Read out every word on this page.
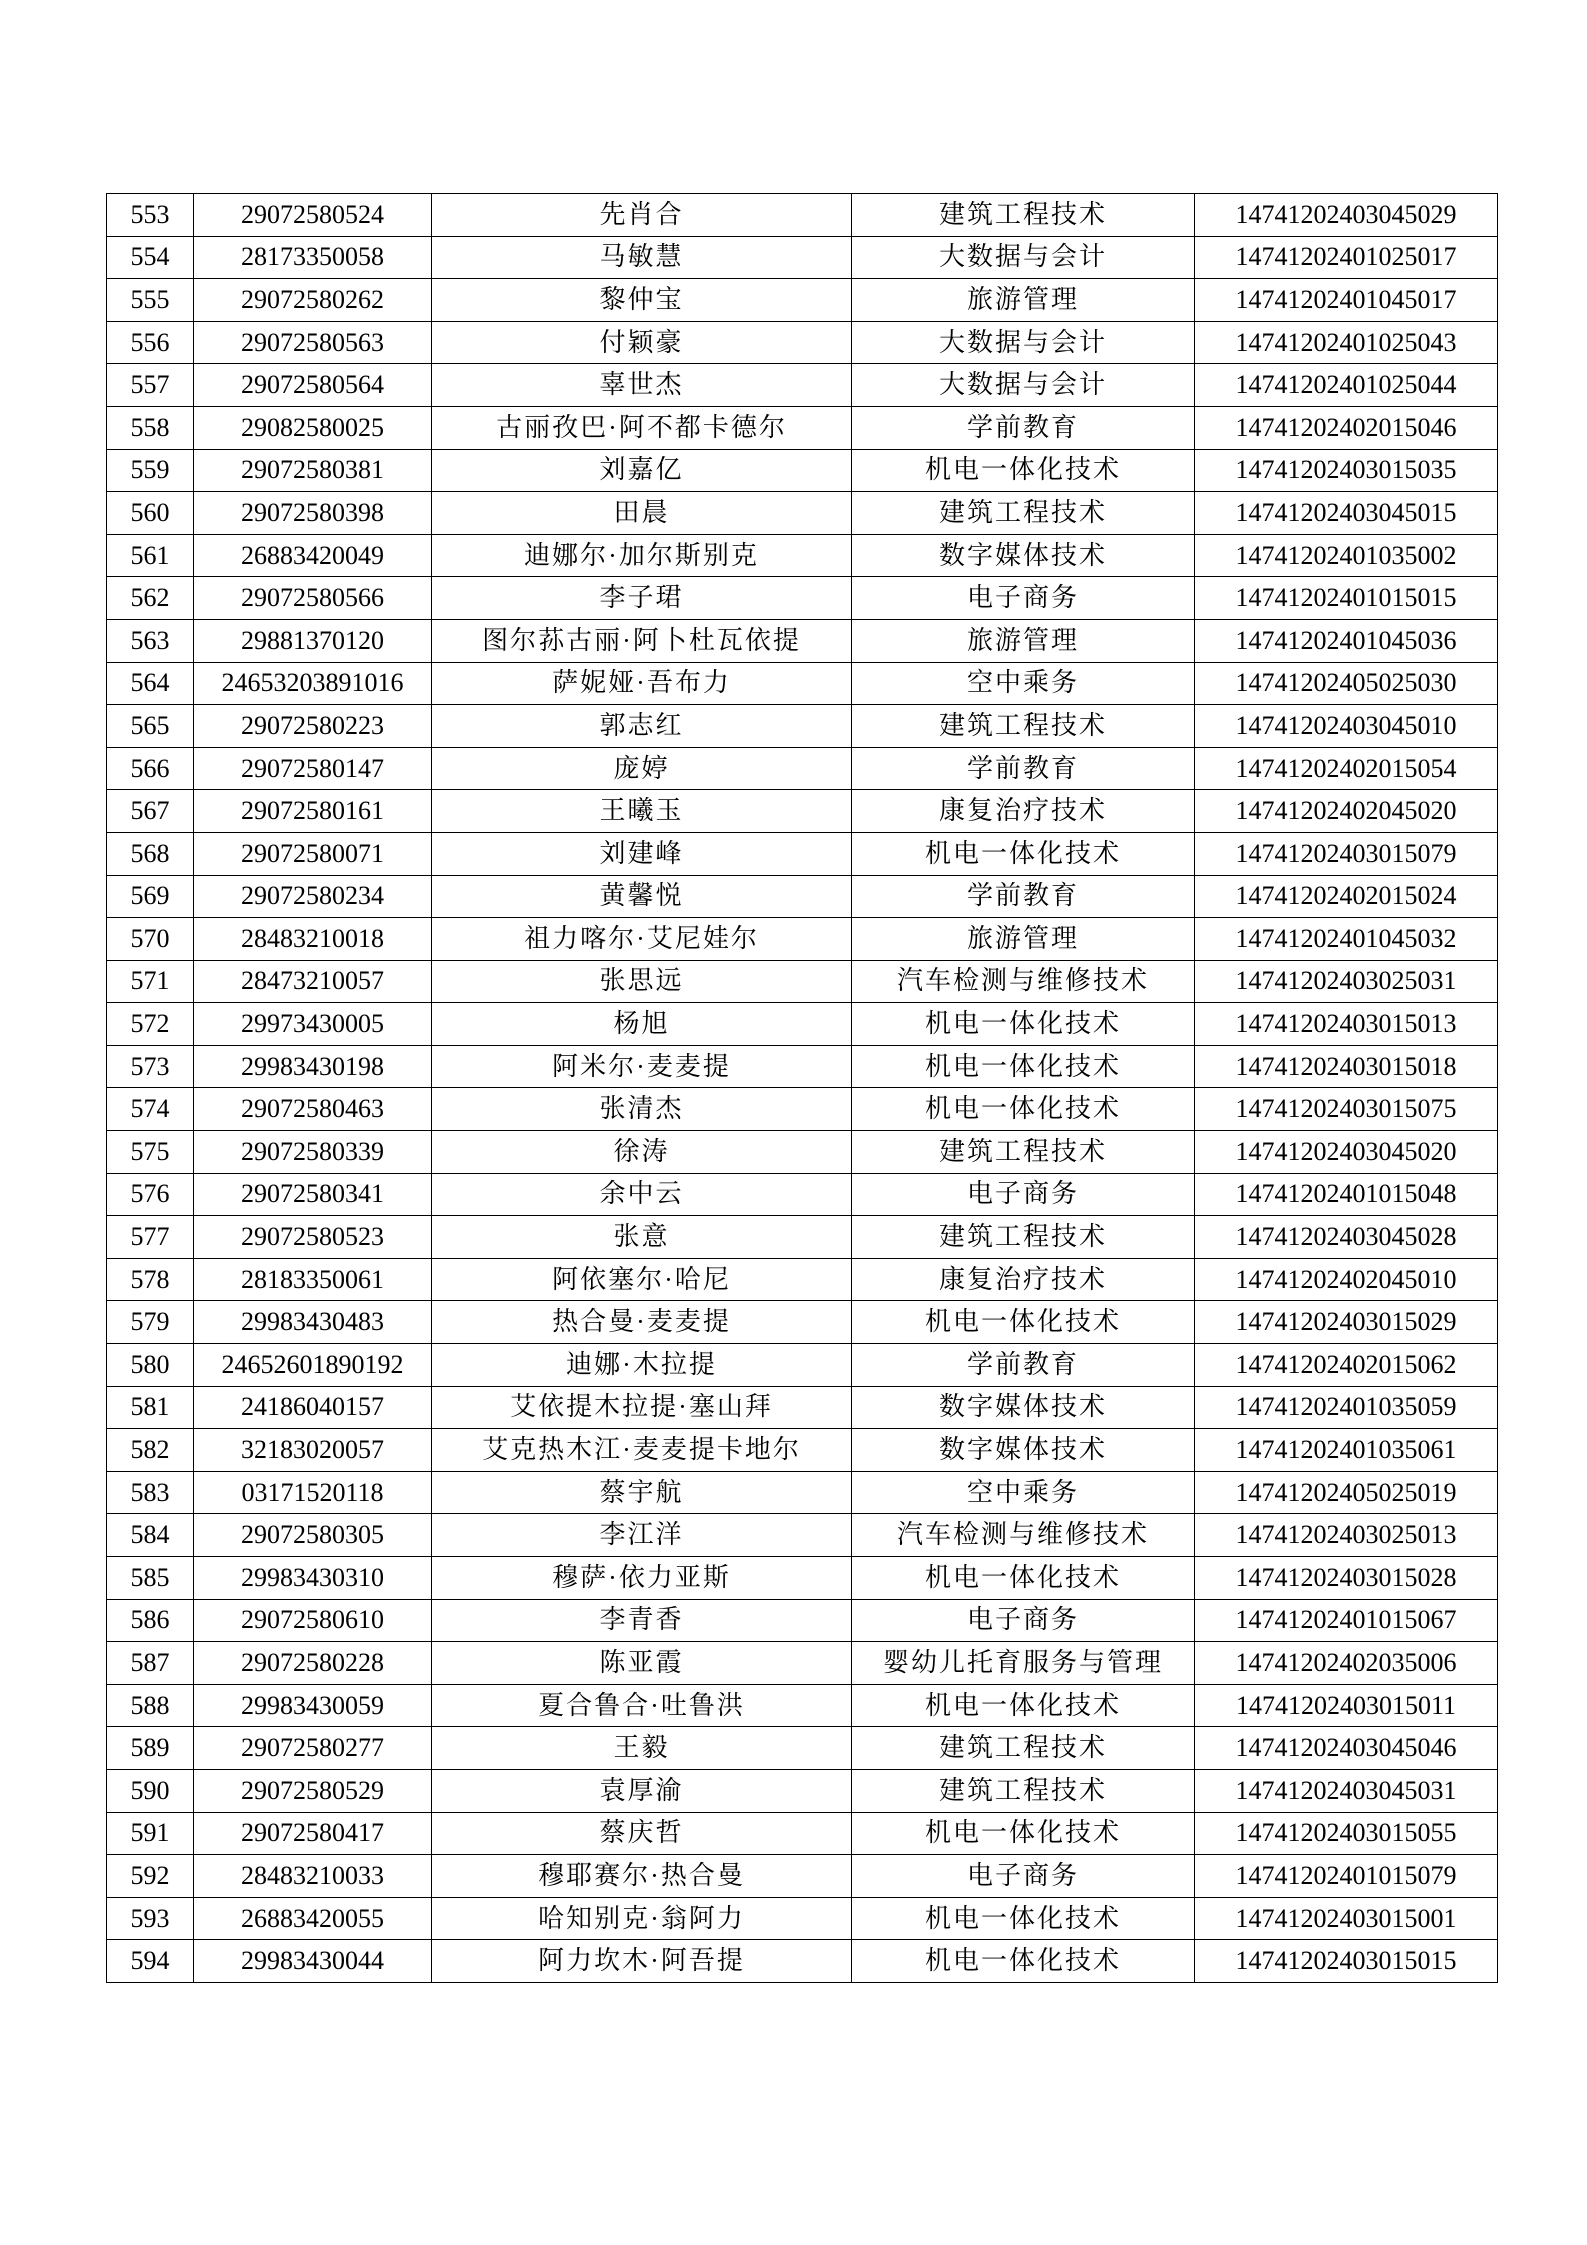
553	29072580524	先肖合	建筑工程技术	14741202403045029
554	28173350058	马敏慧	大数据与会计	14741202401025017
555	29072580262	黎仲宝	旅游管理	14741202401045017
556	29072580563	付颖豪	大数据与会计	14741202401025043
557	29072580564	辜世杰	大数据与会计	14741202401025044
558	29082580025	古丽孜巴·阿不都卡德尔	学前教育	14741202402015046
559	29072580381	刘嘉亿	机电一体化技术	14741202403015035
560	29072580398	田晨	建筑工程技术	14741202403045015
561	26883420049	迪娜尔·加尔斯别克	数字媒体技术	14741202401035002
562	29072580566	李子珺	电子商务	14741202401015015
563	29881370120	图尔荪古丽·阿卜杜瓦依提	旅游管理	14741202401045036
564	24653203891016	萨妮娅·吾布力	空中乘务	14741202405025030
565	29072580223	郭志红	建筑工程技术	14741202403045010
566	29072580147	庞婷	学前教育	14741202402015054
567	29072580161	王曦玉	康复治疗技术	14741202402045020
568	29072580071	刘建峰	机电一体化技术	14741202403015079
569	29072580234	黄馨悦	学前教育	14741202402015024
570	28483210018	祖力喀尔·艾尼娃尔	旅游管理	14741202401045032
571	28473210057	张思远	汽车检测与维修技术	14741202403025031
572	29973430005	杨旭	机电一体化技术	14741202403015013
573	29983430198	阿米尔·麦麦提	机电一体化技术	14741202403015018
574	29072580463	张清杰	机电一体化技术	14741202403015075
575	29072580339	徐涛	建筑工程技术	14741202403045020
576	29072580341	余中云	电子商务	14741202401015048
577	29072580523	张意	建筑工程技术	14741202403045028
578	28183350061	阿依塞尔·哈尼	康复治疗技术	14741202402045010
579	29983430483	热合曼·麦麦提	机电一体化技术	14741202403015029
580	24652601890192	迪娜·木拉提	学前教育	14741202402015062
581	24186040157	艾依提木拉提·塞山拜	数字媒体技术	14741202401035059
582	32183020057	艾克热木江·麦麦提卡地尔	数字媒体技术	14741202401035061
583	03171520118	蔡宇航	空中乘务	14741202405025019
584	29072580305	李江洋	汽车检测与维修技术	14741202403025013
585	29983430310	穆萨·依力亚斯	机电一体化技术	14741202403015028
586	29072580610	李青香	电子商务	14741202401015067
587	29072580228	陈亚霞	婴幼儿托育服务与管理	14741202402035006
588	29983430059	夏合鲁合·吐鲁洪	机电一体化技术	14741202403015011
589	29072580277	王毅	建筑工程技术	14741202403045046
590	29072580529	袁厚渝	建筑工程技术	14741202403045031
591	29072580417	蔡庆哲	机电一体化技术	14741202403015055
592	28483210033	穆耶赛尔·热合曼	电子商务	14741202401015079
593	26883420055	哈知别克·翁阿力	机电一体化技术	14741202403015001
594	29983430044	阿力坎木·阿吾提	机电一体化技术	14741202403015015
